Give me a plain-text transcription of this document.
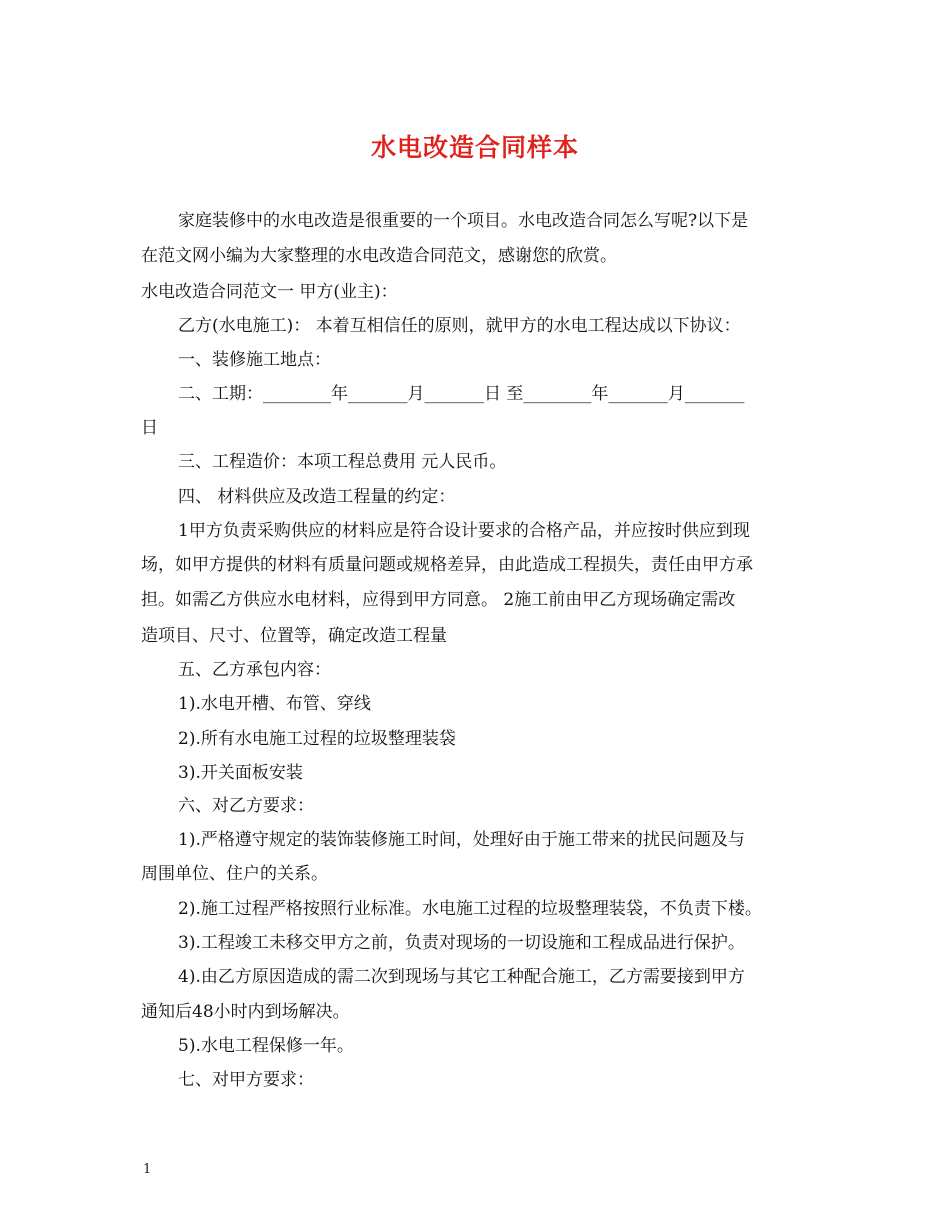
水电改造合同样本
家庭装修中的水电改造是很重要的一个项目。水电改造合同怎么写呢?以下是
在范文网小编为大家整理的水电改造合同范文，感谢您的欣赏。
水电改造合同范文一 甲方(业主)：
乙方(水电施工)： 本着互相信任的原则，就甲方的水电工程达成以下协议：
一、装修施工地点：
二、工期：________年_______月_______日 至________年_______月_______
日
三、工程造价：本项工程总费用 元人民币。
四、 材料供应及改造工程量的约定：
1甲方负责采购供应的材料应是符合设计要求的合格产品，并应按时供应到现
场，如甲方提供的材料有质量问题或规格差异，由此造成工程损失，责任由甲方承
担。如需乙方供应水电材料，应得到甲方同意。 2施工前由甲乙方现场确定需改
造项目、尺寸、位置等，确定改造工程量
五、乙方承包内容：
1).水电开槽、布管、穿线
2).所有水电施工过程的垃圾整理装袋
3).开关面板安装
六、对乙方要求：
1).严格遵守规定的装饰装修施工时间，处理好由于施工带来的扰民问题及与
周围单位、住户的关系。
2).施工过程严格按照行业标准。水电施工过程的垃圾整理装袋，不负责下楼。
3).工程竣工未移交甲方之前，负责对现场的一切设施和工程成品进行保护。
4).由乙方原因造成的需二次到现场与其它工种配合施工，乙方需要接到甲方
通知后48小时内到场解决。
5).水电工程保修一年。
七、对甲方要求：
1
